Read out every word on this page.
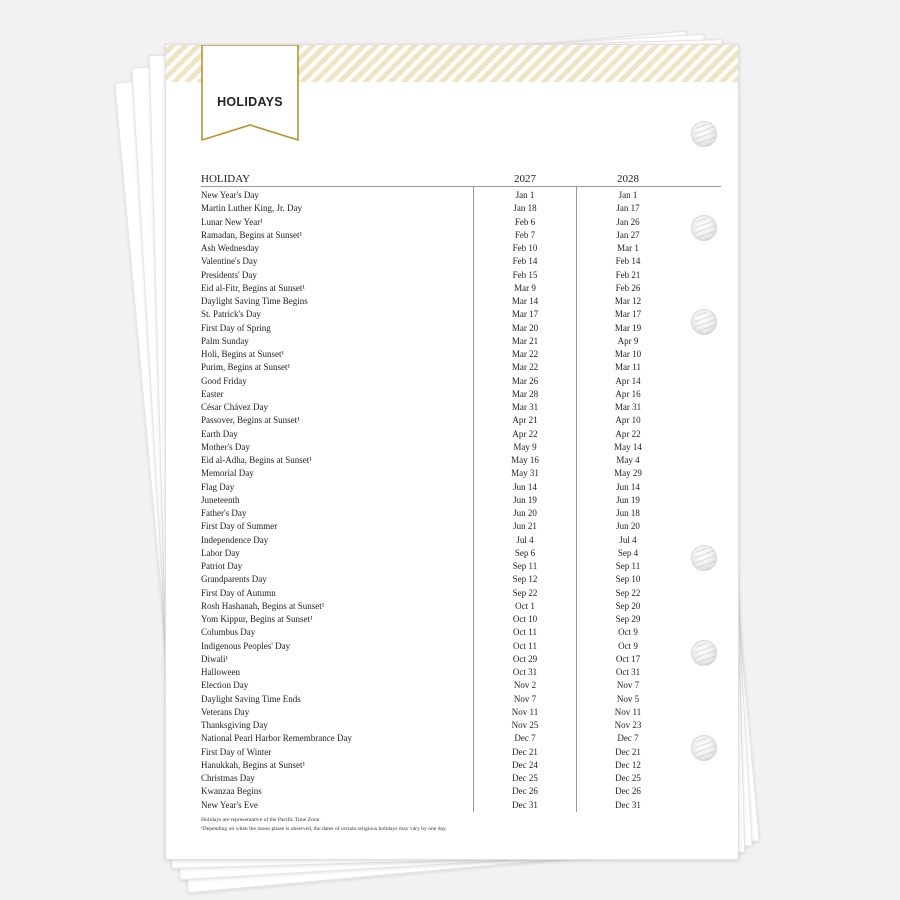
HOLIDAYS
HOLIDAY	2027	2028
New Year's Day	Jan 1	Jan 1
Martin Luther King, Jr. Day	Jan 18	Jan 17
Lunar New Year¹	Feb 6	Jan 26
Ramadan, Begins at Sunset¹	Feb 7	Jan 27
Ash Wednesday	Feb 10	Mar 1
Valentine's Day	Feb 14	Feb 14
Presidents' Day	Feb 15	Feb 21
Eid al-Fitr, Begins at Sunset¹	Mar 9	Feb 26
Daylight Saving Time Begins	Mar 14	Mar 12
St. Patrick's Day	Mar 17	Mar 17
First Day of Spring	Mar 20	Mar 19
Palm Sunday	Mar 21	Apr 9
Holi, Begins at Sunset¹	Mar 22	Mar 10
Purim, Begins at Sunset¹	Mar 22	Mar 11
Good Friday	Mar 26	Apr 14
Easter	Mar 28	Apr 16
César Chávez Day	Mar 31	Mar 31
Passover, Begins at Sunset¹	Apr 21	Apr 10
Earth Day	Apr 22	Apr 22
Mother's Day	May 9	May 14
Eid al-Adha, Begins at Sunset¹	May 16	May 4
Memorial Day	May 31	May 29
Flag Day	Jun 14	Jun 14
Juneteenth	Jun 19	Jun 19
Father's Day	Jun 20	Jun 18
First Day of Summer	Jun 21	Jun 20
Independence Day	Jul 4	Jul 4
Labor Day	Sep 6	Sep 4
Patriot Day	Sep 11	Sep 11
Grandparents Day	Sep 12	Sep 10
First Day of Autumn	Sep 22	Sep 22
Rosh Hashanah, Begins at Sunset¹	Oct 1	Sep 20
Yom Kippur, Begins at Sunset¹	Oct 10	Sep 29
Columbus Day	Oct 11	Oct 9
Indigenous Peoples' Day	Oct 11	Oct 9
Diwali¹	Oct 29	Oct 17
Halloween	Oct 31	Oct 31
Election Day	Nov 2	Nov 7
Daylight Saving Time Ends	Nov 7	Nov 5
Veterans Day	Nov 11	Nov 11
Thanksgiving Day	Nov 25	Nov 23
National Pearl Harbor Remembrance Day	Dec 7	Dec 7
First Day of Winter	Dec 21	Dec 21
Hanukkah, Begins at Sunset¹	Dec 24	Dec 12
Christmas Day	Dec 25	Dec 25
Kwanzaa Begins	Dec 26	Dec 26
New Year's Eve	Dec 31	Dec 31
Holidays are representative of the Pacific Time Zone.
¹Depending on when the moon phase is observed, the dates of certain religious holidays may vary by one day.
